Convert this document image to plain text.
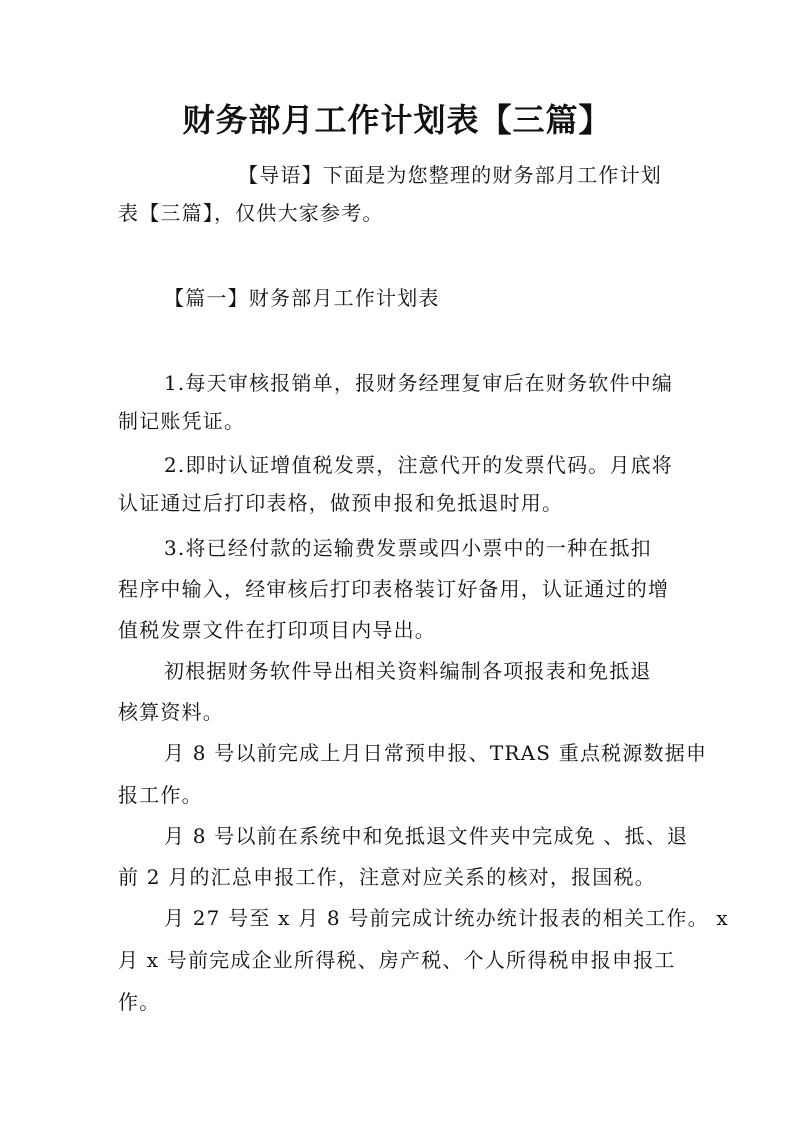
财务部月工作计划表【三篇】

【导语】下面是为您整理的财务部月工作计划

表【三篇】，仅供大家参考。

【篇一】财务部月工作计划表

1.每天审核报销单，报财务经理复审后在财务软件中编

制记账凭证。

2.即时认证增值税发票，注意代开的发票代码。月底将

认证通过后打印表格，做预申报和免抵退时用。

3.将已经付款的运输费发票或四小票中的一种在抵扣

程序中输入，经审核后打印表格装订好备用，认证通过的增

值税发票文件在打印项目内导出。

初根据财务软件导出相关资料编制各项报表和免抵退

核算资料。

月 8 号以前完成上月日常预申报、TRAS 重点税源数据申

报工作。

月 8 号以前在系统中和免抵退文件夹中完成免 、抵、退

前 2 月的汇总申报工作，注意对应关系的核对，报国税。

月 27 号至 x 月 8 号前完成计统办统计报表的相关工作。 x

月 x 号前完成企业所得税、房产税、个人所得税申报申报工

作。
